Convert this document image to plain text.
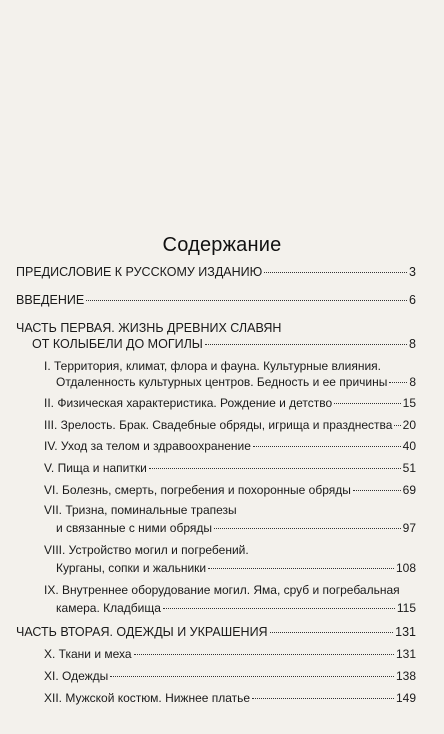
Содержание
ПРЕДИСЛОВИЕ К РУССКОМУ ИЗДАНИЮ	3
ВВЕДЕНИЕ	6
ЧАСТЬ ПЕРВАЯ. ЖИЗНЬ ДРЕВНИХ СЛАВЯН
ОТ КОЛЫБЕЛИ ДО МОГИЛЫ	8
I. Территория, климат, флора и фауна. Культурные влияния.
Отдаленность культурных центров. Бедность и ее причины 8
II. Физическая характеристика. Рождение и детство	15
III. Зрелость. Брак. Свадебные обряды, игрища и празднества 20
IV. Уход за телом и здравоохранение	40
V. Пища и напитки	51
VI. Болезнь, смерть, погребения и похоронные обряды	69
VII. Тризна, поминальные трапезы
и связанные с ними обряды	97
VIII. Устройство могил и погребений.
Курганы, сопки и жальники	108
IX. Внутреннее оборудование могил. Яма, сруб и погребальная
камера. Кладбища	115
ЧАСТЬ ВТОРАЯ. ОДЕЖДЫ И УКРАШЕНИЯ	131
X. Ткани и меха	131
XI. Одежды	138
XII. Мужской костюм. Нижнее платье	149
